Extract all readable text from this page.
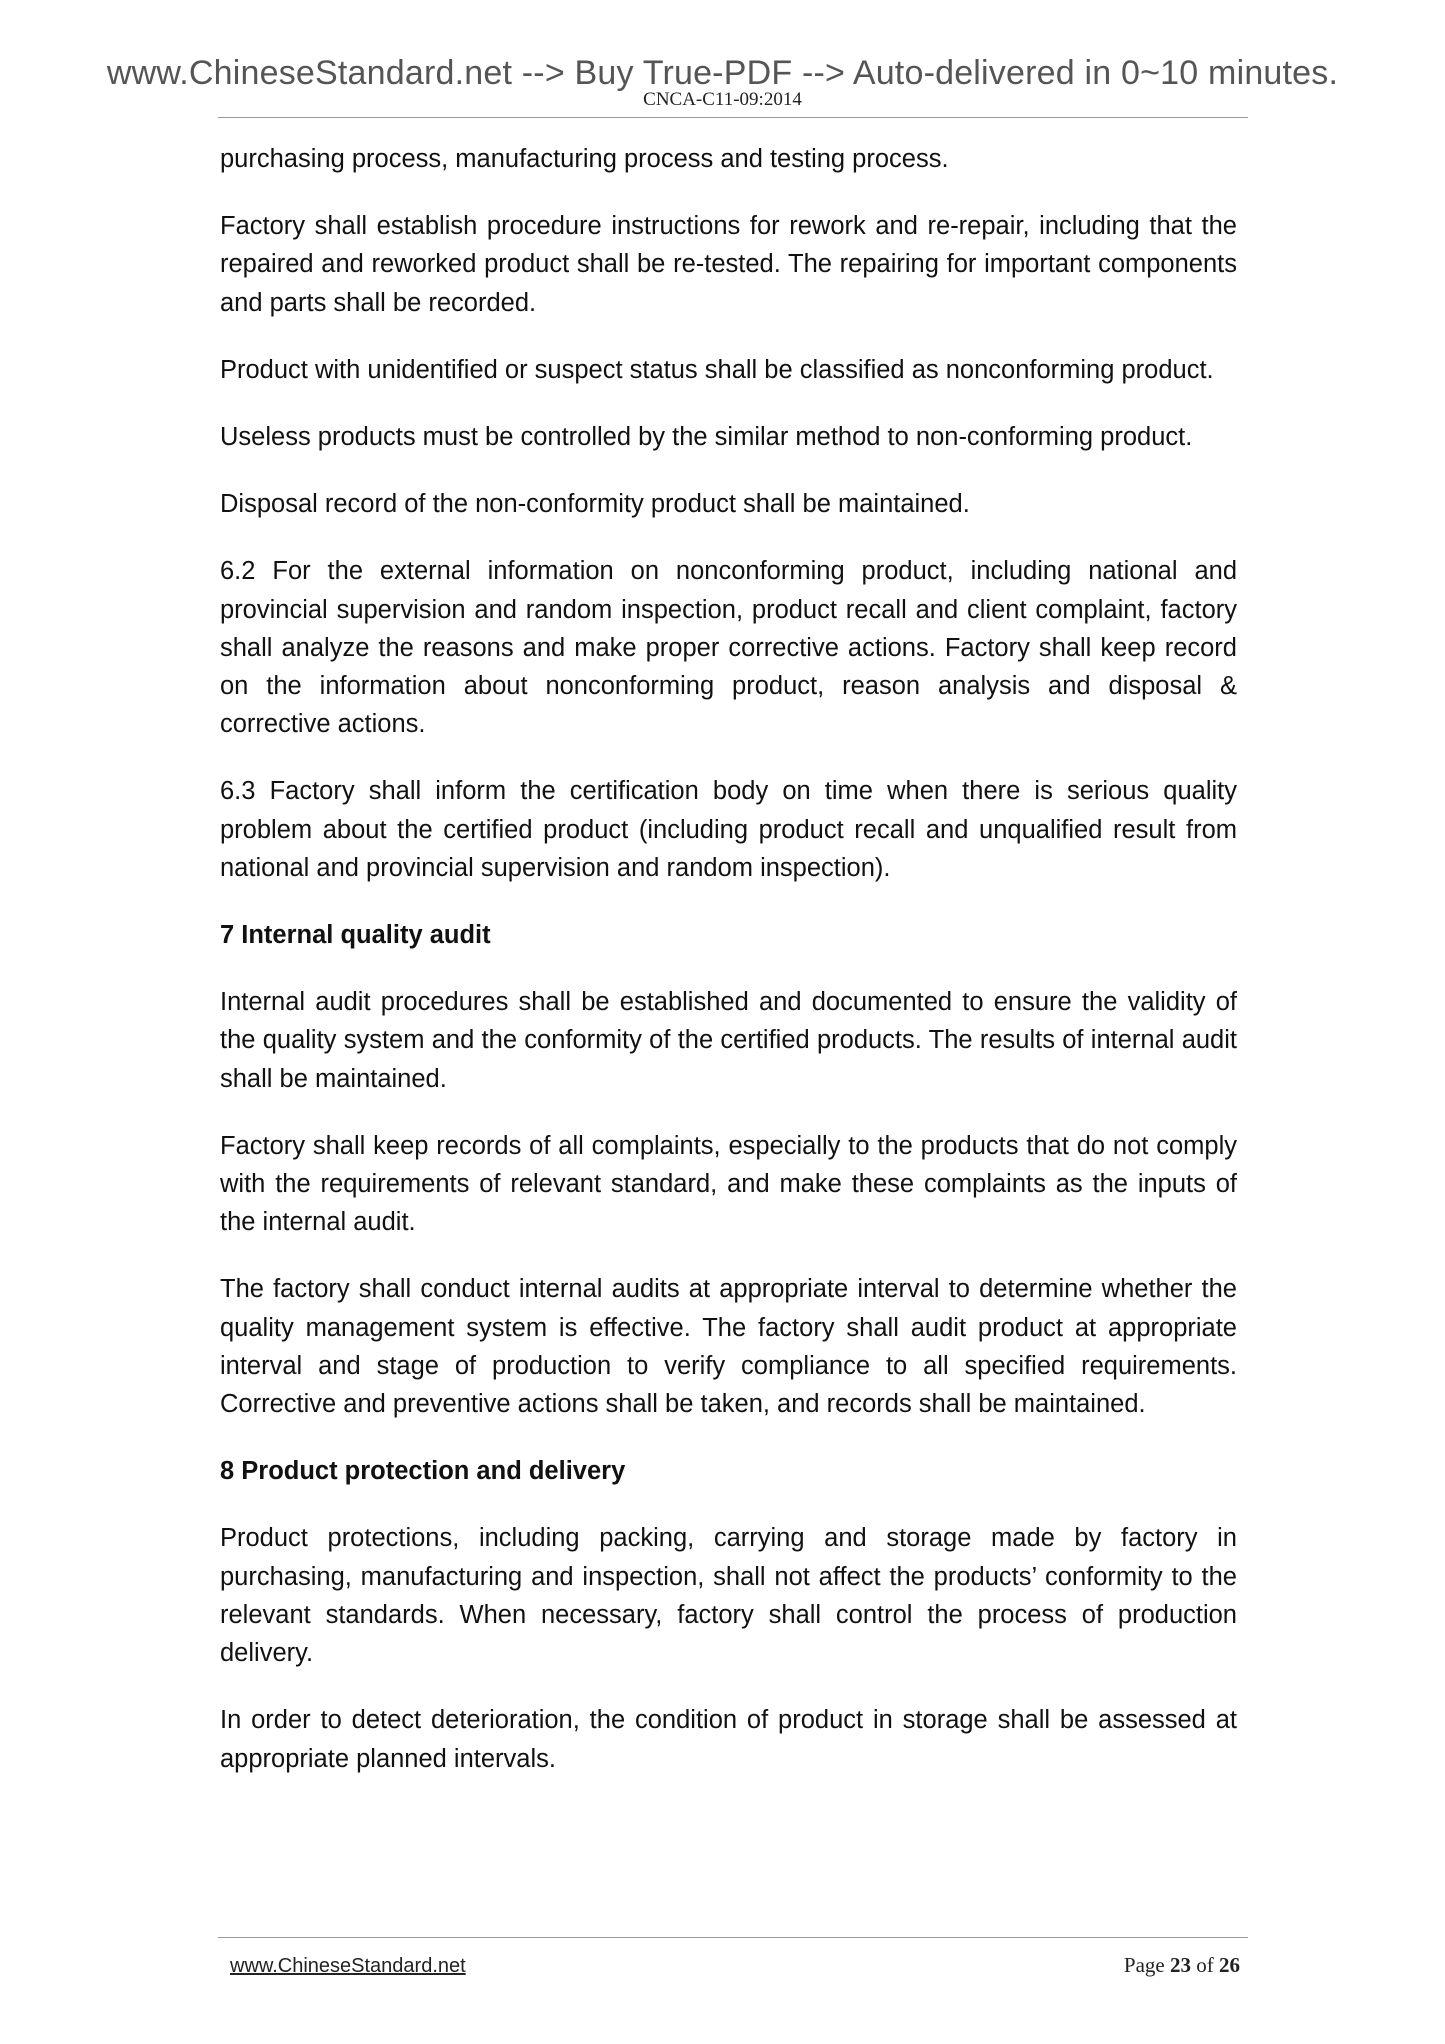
www.ChineseStandard.net --> Buy True-PDF --> Auto-delivered in 0~10 minutes.
CNCA-C11-09:2014

purchasing process, manufacturing process and testing process.

Factory shall establish procedure instructions for rework and re-repair, including that the repaired and reworked product shall be re-tested. The repairing for important components and parts shall be recorded.

Product with unidentified or suspect status shall be classified as nonconforming product.

Useless products must be controlled by the similar method to non-conforming product.

Disposal record of the non-conformity product shall be maintained.

6.2 For the external information on nonconforming product, including national and provincial supervision and random inspection, product recall and client complaint, factory shall analyze the reasons and make proper corrective actions. Factory shall keep record on the information about nonconforming product, reason analysis and disposal & corrective actions.

6.3 Factory shall inform the certification body on time when there is serious quality problem about the certified product (including product recall and unqualified result from national and provincial supervision and random inspection).

7 Internal quality audit

Internal audit procedures shall be established and documented to ensure the validity of the quality system and the conformity of the certified products. The results of internal audit shall be maintained.

Factory shall keep records of all complaints, especially to the products that do not comply with the requirements of relevant standard, and make these complaints as the inputs of the internal audit.

The factory shall conduct internal audits at appropriate interval to determine whether the quality management system is effective. The factory shall audit product at appropriate interval and stage of production to verify compliance to all specified requirements. Corrective and preventive actions shall be taken, and records shall be maintained.

8 Product protection and delivery

Product protections, including packing, carrying and storage made by factory in purchasing, manufacturing and inspection, shall not affect the products’ conformity to the relevant standards. When necessary, factory shall control the process of production delivery.

In order to detect deterioration, the condition of product in storage shall be assessed at appropriate planned intervals.

www.ChineseStandard.net	Page 23 of 26
